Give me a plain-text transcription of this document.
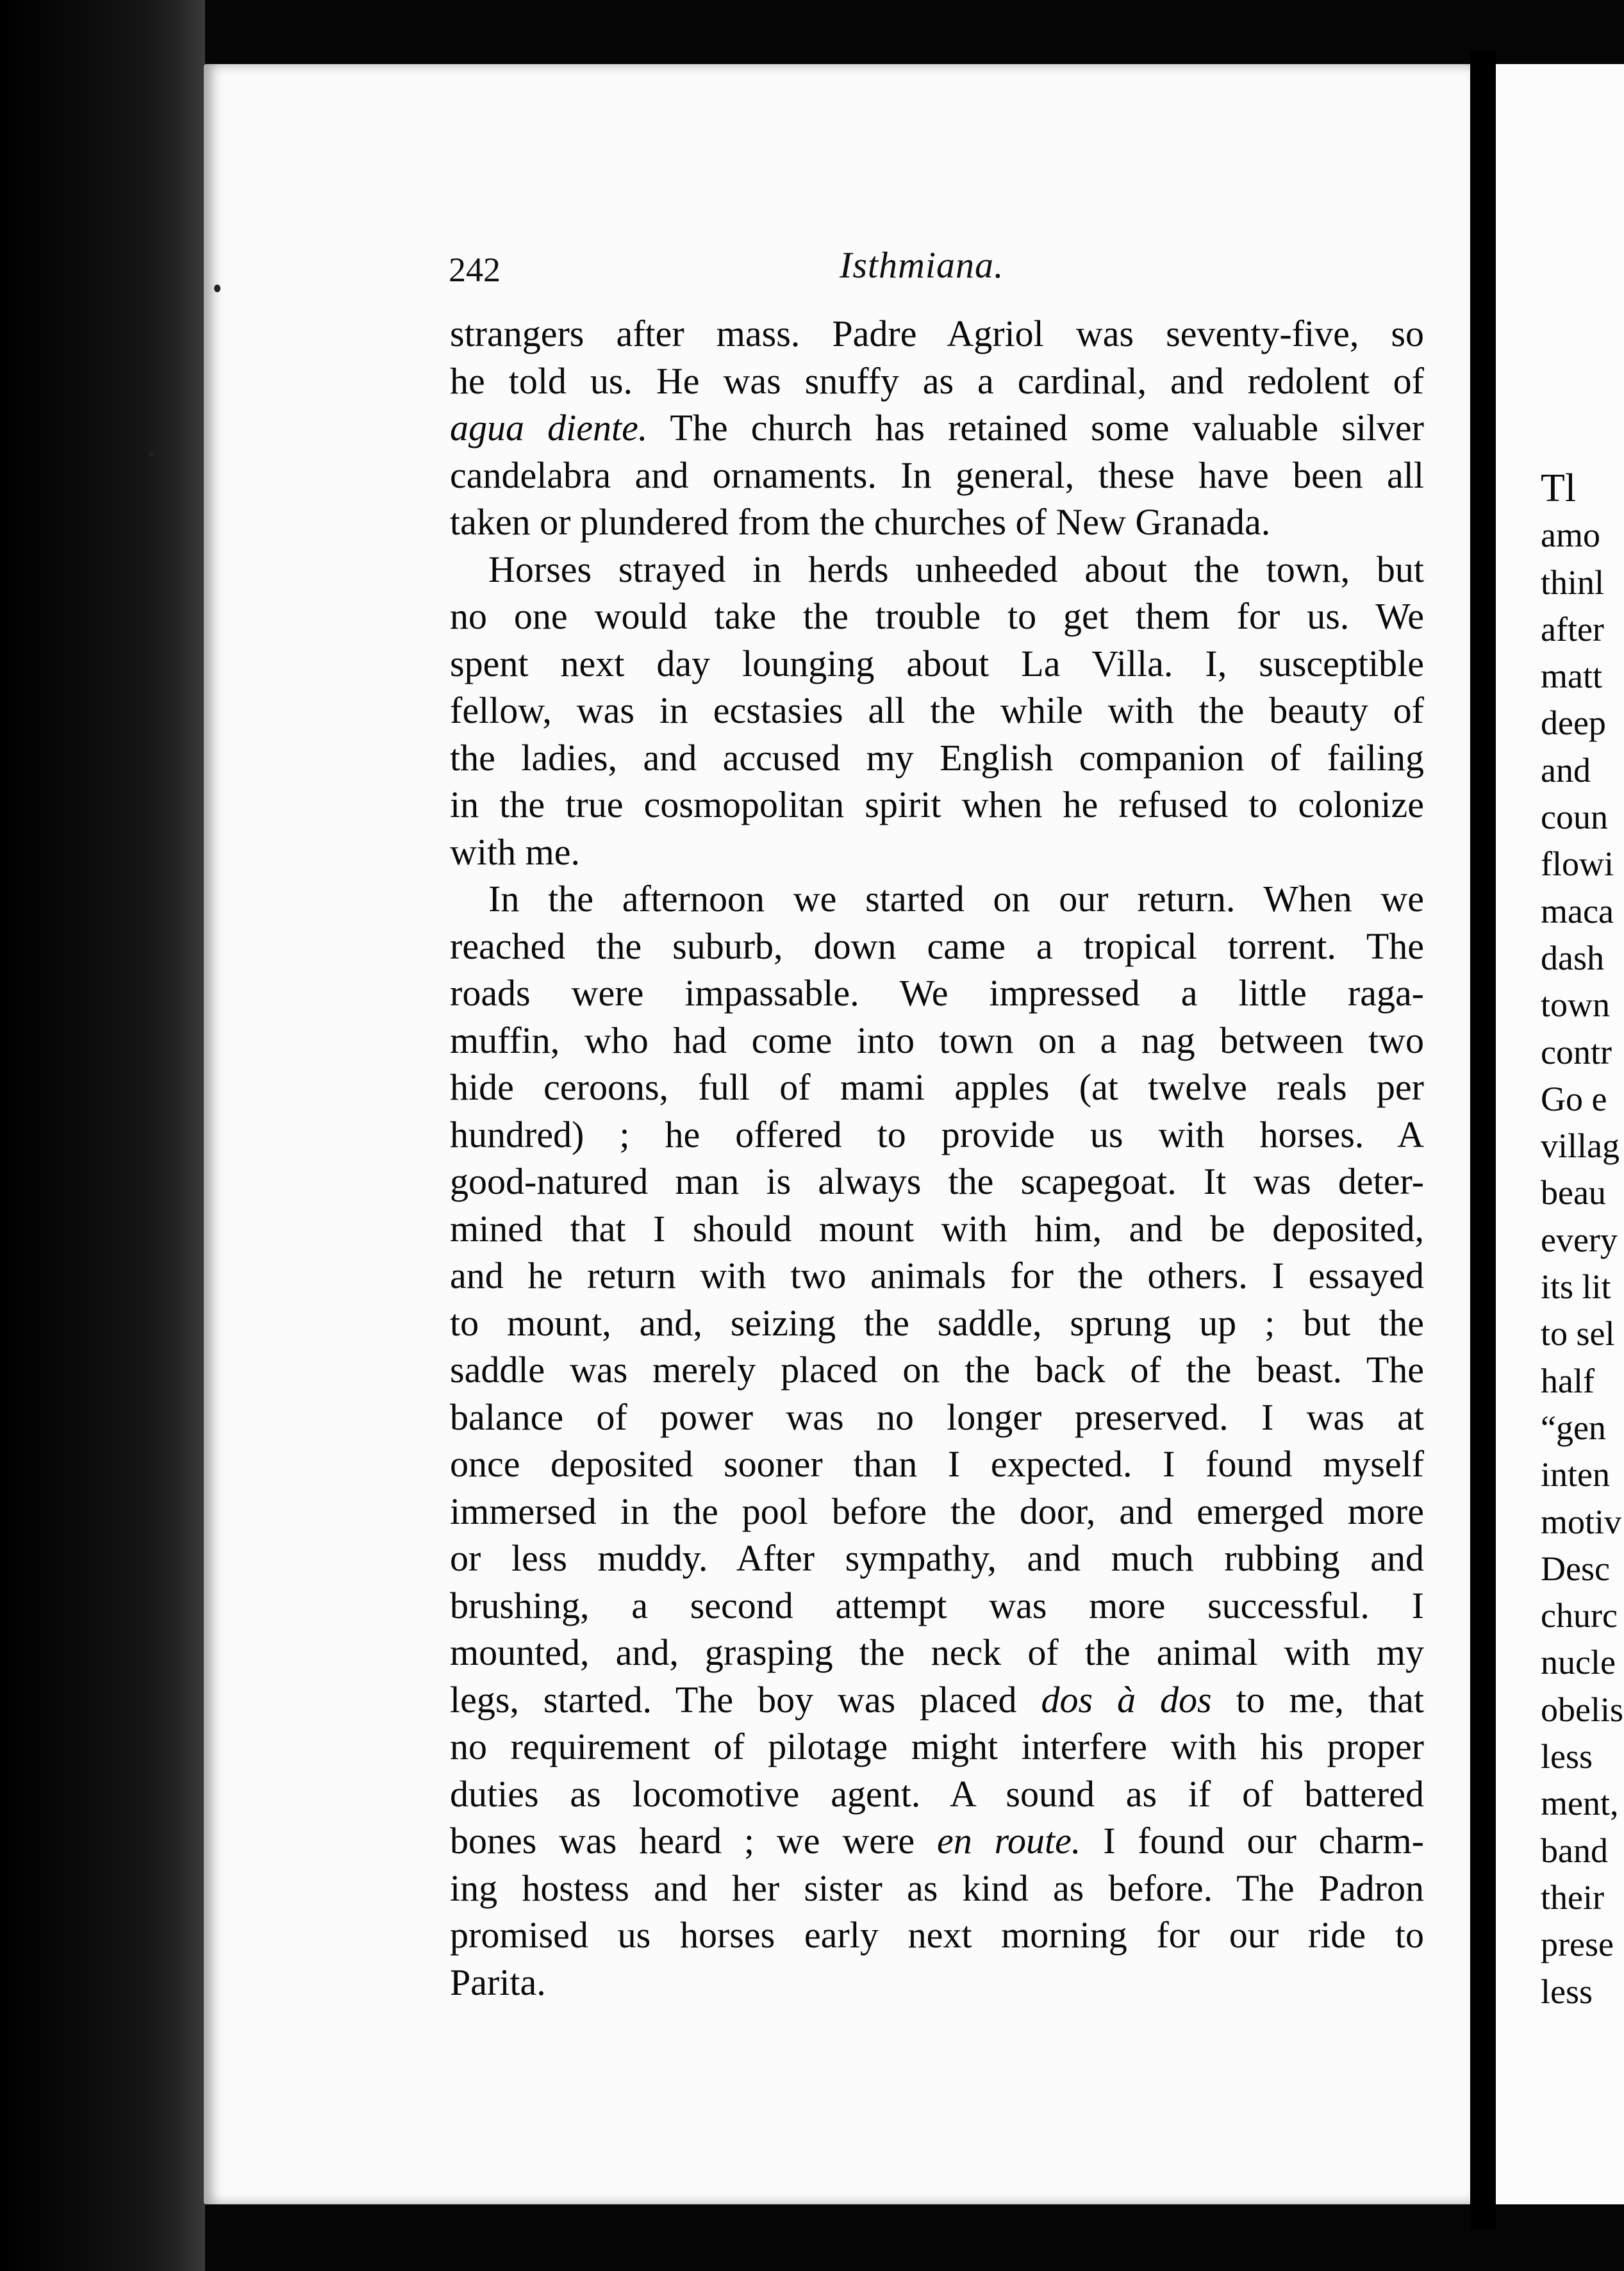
242	Isthmiana.
strangers after mass. Padre Agriol was seventy-five, so
he told us. He was snuffy as a cardinal, and redolent of
agua diente. The church has retained some valuable silver
candelabra and ornaments. In general, these have been all
taken or plundered from the churches of New Granada.
Horses strayed in herds unheeded about the town, but
no one would take the trouble to get them for us. We
spent next day lounging about La Villa. I, susceptible
fellow, was in ecstasies all the while with the beauty of
the ladies, and accused my English companion of failing
in the true cosmopolitan spirit when he refused to colonize
with me.
In the afternoon we started on our return. When we
reached the suburb, down came a tropical torrent. The
roads were impassable. We impressed a little raga-
muffin, who had come into town on a nag between two
hide ceroons, full of mami apples (at twelve reals per
hundred) ; he offered to provide us with horses. A
good-natured man is always the scapegoat. It was deter-
mined that I should mount with him, and be deposited,
and he return with two animals for the others. I essayed
to mount, and, seizing the saddle, sprung up ; but the
saddle was merely placed on the back of the beast. The
balance of power was no longer preserved. I was at
once deposited sooner than I expected. I found myself
immersed in the pool before the door, and emerged more
or less muddy. After sympathy, and much rubbing and
brushing, a second attempt was more successful. I
mounted, and, grasping the neck of the animal with my
legs, started. The boy was placed dos à dos to me, that
no requirement of pilotage might interfere with his proper
duties as locomotive agent. A sound as if of battered
bones was heard ; we were en route. I found our charm-
ing hostess and her sister as kind as before. The Padron
promised us horses early next morning for our ride to
Parita.
Tl
amo
thinl
after
matt
deep
and
coun
flowi
maca
dash
town
contr
Go e
villag
beau
every
its lit
to sel
half
“gen
inten
motiv
Desc
churc
nucle
obelis
less
ment,
band
their
prese
less
